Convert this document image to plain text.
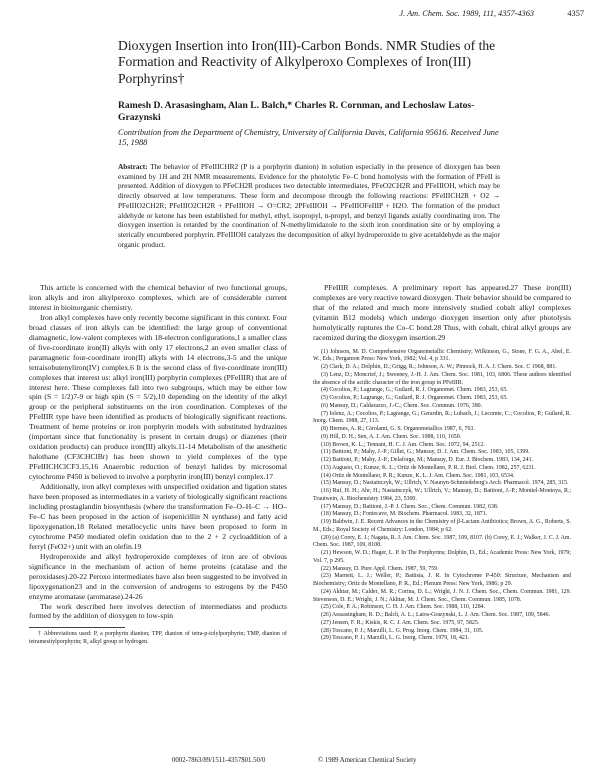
J. Am. Chem. Soc. 1989, 111, 4357-4363	4357
Dioxygen Insertion into Iron(III)-Carbon Bonds. NMR Studies of the Formation and Reactivity of Alkylperoxo Complexes of Iron(III) Porphyrins†
Ramesh D. Arasasingham, Alan L. Balch,* Charles R. Cornman, and Lechoslaw Latos-Grazynski
Contribution from the Department of Chemistry, University of California Davis, California 95616. Received June 15, 1988
Abstract: The behavior of PFeIIICHR2 (P is a porphyrin dianion) in solution especially in the presence of dioxygen has been examined by 1H and 2H NMR measurements. Evidence for the photolytic Fe–C bond homolysis with the formation of PFeII is presented. Addition of dioxygen to PFeCH2R produces two detectable intermediates, PFeO2CH2R and PFeIIIOH, which may be directly observed at low temperatures. These form and decompose through the following reactions: PFeIIICH2R + O2 → PFeIIIO2CH2R; PFeIIIO2CH2R + PFeIIIOH → O=CR2; 2PFeIIIOH → PFeIIIOFeIIIP + H2O. The formation of the product aldehyde or ketone has been established for methyl, ethyl, isopropyl, n-propyl, and benzyl ligands axially coordinating iron. The dioxygen insertion is retarded by the coordination of N-methylimidazole to the sixth iron coordination site or by employing a sterically encumbered porphyrin. PFeIIIOH catalyzes the decomposition of alkyl hydroperoxide to give acetaldehyde as the major organic product.

This article is concerned with the chemical behavior of two functional groups, iron alkyls and iron alkylperoxo complexes, which are of considerable current interest in bioinorganic chemistry.

Iron alkyl complexes have only recently become significant in this context. Four broad classes of iron alkyls can be identified: the large group of conventional diamagnetic, low-valent complexes with 18-electron configurations,1 a smaller class of five-coordinate iron(II) alkyls with only 17 electrons,2 an even smaller class of paramagnetic four-coordinate iron(II) alkyls with 14 electrons,3-5 and the unique tetraisobutenyliron(IV) complex.6 It is the second class of five-coordinate iron(III) complexes that interest us: alkyl iron(III) porphyrin complexes (PFeIIIR) that are of interest here. These complexes fall into two subgroups, which may be either low spin (S = 1/2)7-9 or high spin (S = 5/2),10 depending on the identity of the alkyl group or the peripheral substituents on the iron coordination. Complexes of the PFeIIIR type have been identified as products of biologically significant reactions. Treatment of heme proteins or iron porphyrin models with substituted hydrazines (important since that functionality is present in certain drugs) or diazenes (their oxidation products) can produce iron(III) alkyls.11-14 Metabolism of the anesthetic halothane (CF3CHClBr) has been shown to yield complexes of the type PFeIIICHClCF3.15,16 Anaerobic reduction of benzyl halides by microsomal cytochrome P450 is believed to involve a porphyrin iron(III) benzyl complex.17

Additionally, iron alkyl complexes with unspecified oxidation and ligation states have been proposed as intermediates in a variety of biologically significant reactions including prostaglandin biosynthesis (where the transformation Fe–O–H–C → HO–Fe–C has been proposed in the action of isopenicillin N synthase) and fatty acid lipoxygenation.18 Related metallocyclic units have been proposed to form in cytochrome P450 mediated olefin oxidation due to the 2 + 2 cycloaddition of a ferryl (FeO2+) unit with an olefin.19

Hydroperoxide and alkyl hydroperoxide complexes of iron are of obvious significance in the mechanism of action of heme proteins (catalase and the peroxidases).20-22 Peroxo intermediates have also been suggested to be involved in lipoxygenation23 and in the conversion of androgens to estrogens by the P450 enzyme aromatase (aromatase).24-26

The work described here involves detection of intermediates and products formed by the addition of dioxygen to low-spin

† Abbreviations used: P, a porphyrin dianion; TPP, dianion of tetra-p-tolylporphyrin; TMP, dianion of tetramesitylporphyrin; R, alkyl group or hydrogen.

PFeIIIR complexes. A preliminary report has appeared.27 These iron(III) complexes are very reactive toward dioxygen. Their behavior should be compared to that of the related and much more intensively studied cobalt alkyl complexes (vitamin B12 models) which undergo dioxygen insertion only after photolysis homolytically ruptures the Co–C bond.28 Thus, with cobalt, chiral alkyl groups are racemized during the dioxygen insertion.29

(1) Johnson, M. D. Comprehensive Organometallic Chemistry; Wilkinson, G., Stone, F. G. A., Abel, E. W., Eds.; Pergamon Press: New York, 1982; Vol. 4, p 331.

(2) Clark, D. A.; Dolphin, D.; Grigg, R.; Johnson, A. W.; Pinnock, H. A. J. Chem. Soc. C 1968, 881.

(3) Lenz, D.; Moncrief, J.; Sweeney, J.-H. J. Am. Chem. Soc. 1981, 103, 6806. These authors identified the absence of the acidic character of the iron group in PFeIIIR.

(4) Cocolios, P.; Lagrange, G.; Guilard, R. J. Organomet. Chem. 1983, 253, 65.

(5) Cocolios, P.; Lagrange, G.; Guilard, R. J. Organomet. Chem. 1983, 253, 65.

(6) Mansuy, D.; Caldarazzo, J.-C.; Chem. Soc. Commun. 1976, 380.

(7) Iolenz, A.; Cocolios, P.; Lagrange, G.; Gerardin, R.; Lubach, J.; Lecomte, C.; Cocolios, P.; Guilard, R. Inorg. Chem. 1988, 27, 113.

(8) Hermes, A. R.; Girolami, G. S. Organometallics 1987, 6, 763.

(9) Hill, D. H.; Sen, A. J. Am. Chem. Soc. 1988, 110, 1650.

(10) Brown, K. L.; Tennant, H. C. J. Am. Chem. Soc. 1972, 94, 2512.

(11) Battioni, P.; Mahy, J.-P.; Gillet, G.; Mansuy, D. J. Am. Chem. Soc. 1983, 105, 1399.

(12) Battioni, P.; Mahy, J.-P.; Delaforge, M.; Mansuy, D. Eur. J. Biochem. 1983, 134, 241.

(13) Augusto, O.; Kunze, K. L.; Ortiz de Montellano, P. R. J. Biol. Chem. 1982, 257, 6231.

(14) Ortiz de Montellano, P. R.; Kunze, K. L. J. Am. Chem. Soc. 1981, 103, 6534.

(15) Mansuy, D.; Nastainczyk, W.; Ullrich, V. Naunyn-Schmiedeberg's Arch. Pharmacol. 1974, 285, 315.

(16) Ruf, H. H.; Ahr, H.; Nastainczyk, W.; Ullrich, V.; Mansuy, D.; Battioni, J.-P.; Montiel-Montoya, R.; Trautwein, A. Biochemistry 1984, 23, 5300.

(17) Mansuy, D.; Battioni, J.-P. J. Chem. Soc., Chem. Commun. 1982, 638.

(18) Mansuy, D.; Fontecave, M. Biochem. Pharmacol. 1983, 32, 1871.

(19) Baldwin, J. E. Recent Advances in the Chemistry of β-Lactam Antibiotics; Brown, A. G., Roberts, S. M., Eds.; Royal Society of Chemistry: London, 1984; p 62.

(20) (a) Corey, E. J.; Nagata, R. J. Am. Chem. Soc. 1987, 109, 8107. (b) Corey, E. J.; Walker, J. C. J. Am. Chem. Soc. 1987, 109, 8108.

(21) Hewson, W. D.; Hager, L. P. In The Porphyrins; Dolphin, D., Ed.; Academic Press: New York, 1979; Vol. 7, p 295.

(22) Mansuy, D. Pure Appl. Chem. 1987, 59, 759.

(23) Marnett, L. J.; Weller, P.; Battista, J. R. In Cytochrome P-450: Structure, Mechanism and Biochemistry; Ortiz de Montellano, P. R., Ed.; Plenum Press: New York, 1986; p 29.

(24) Akhtar, M.; Calder, M. R.; Corina, D. L.; Wright, J. N. J. Chem. Soc., Chem. Commun. 1981, 129. Stevenson, D. E.; Wright, J. N.; Akhtar, M. J. Chem. Soc., Chem. Commun. 1985, 1078.

(25) Cole, P. A.; Robinson, C. H. J. Am. Chem. Soc. 1988, 110, 1284.

(26) Arasasingham, R. D.; Balch, A. L.; Latos-Grazynski, L. J. Am. Chem. Soc. 1987, 109, 5846.

(27) Jensen, F. R.; Kiskis, R. C. J. Am. Chem. Soc. 1975, 97, 5825.

(28) Toscano, P. J.; Marzilli, L. G. Prog. Inorg. Chem. 1984, 31, 105.

(29) Toscano, P. J.; Marzilli, L. G. Inorg. Chem. 1979, 18, 421.

0002-7863/89/1511-4357$01.50/0	© 1989 American Chemical Society
